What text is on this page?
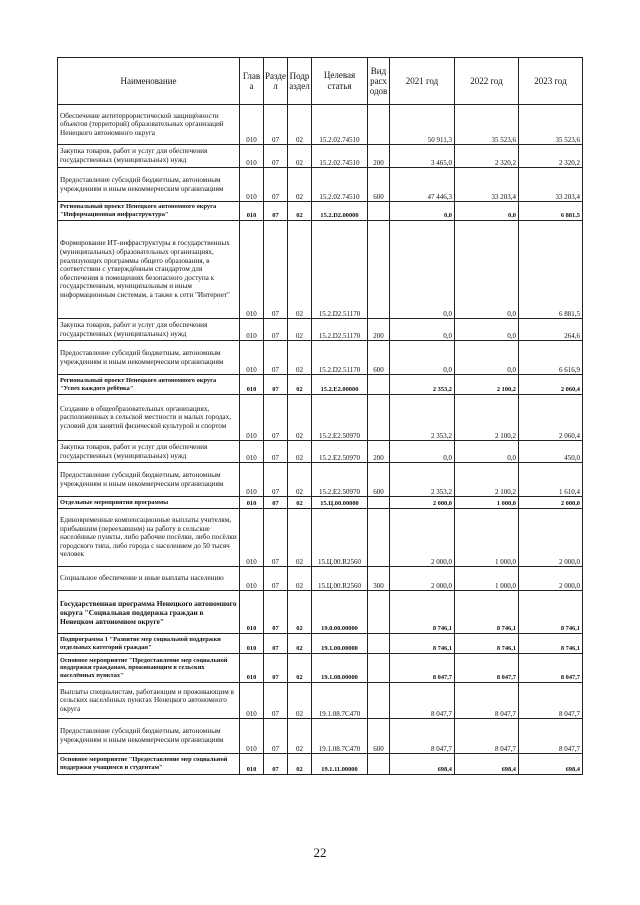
Наименование	Глав а	Разде л	Подр аздел	Целевая статья	Вид расх одов	2021 год	2022 год	2023 год
Обеспечение антитеррористической защищённости объектов (территорий) образовательных организаций Ненецкого автономного округа	010	07	02	15.2.02.74510		50 911,3	35 523,6	35 523,6
Закупка товаров, работ и услуг для обеспечения государственных (муниципальных) нужд	010	07	02	15.2.02.74510	200	3 465,0	2 320,2	2 320,2
Предоставление субсидий бюджетным, автономным учреждениям и иным некоммерческим организациям	010	07	02	15.2.02.74510	600	47 446,3	33 203,4	33 203,4
Региональный проект Ненецкого автономного округа "Информационная инфраструктура"	010	07	02	15.2.D2.00000		0,0	0,0	6 881,5
Формирование ИТ-инфраструктуры в государственных (муниципальных) образовательных организациях, реализующих программы общего образования, в соответствии с утверждённым стандартом для обеспечения в помещениях безопасного доступа к государственным, муниципальным и иным информационным системам, а также к сети "Интернет"	010	07	02	15.2.D2.51170		0,0	0,0	6 881,5
Закупка товаров, работ и услуг для обеспечения государственных (муниципальных) нужд	010	07	02	15.2.D2.51170	200	0,0	0,0	264,6
Предоставление субсидий бюджетным, автономным учреждениям и иным некоммерческим организациям	010	07	02	15.2.D2.51170	600	0,0	0,0	6 616,9
Региональный проект Ненецкого автономного округа "Успех каждого ребёнка"	010	07	02	15.2.E2.00000		2 353,2	2 100,2	2 060,4
Создание в общеобразовательных организациях, расположенных в сельской местности и малых городах, условий для занятий физической культурой и спортом	010	07	02	15.2.E2.50970		2 353,2	2 100,2	2 060,4
Закупка товаров, работ и услуг для обеспечения государственных (муниципальных) нужд	010	07	02	15.2.E2.50970	200	0,0	0,0	450,0
Предоставление субсидий бюджетным, автономным учреждениям и иным некоммерческим организациям	010	07	02	15.2.E2.50970	600	2 353,2	2 100,2	1 610,4
Отдельные мероприятия программы	010	07	02	15.Ц.00.00000		2 000,0	1 000,0	2 000,0
Единовременные компенсационные выплаты учителям, прибывшим (переехавшим) на работу в сельские населённые пункты, либо рабочие посёлки, либо посёлки городского типа, либо города с населением до 50 тысяч человек	010	07	02	15.Ц.00.R2560		2 000,0	1 000,0	2 000,0
Социальное обеспечение и иные выплаты населению	010	07	02	15.Ц.00.R2560	300	2 000,0	1 000,0	2 000,0
Государственная программа Ненецкого автономного округа "Социальная поддержка граждан в Ненецком автономном округе"	010	07	02	19.0.00.00000		8 746,1	8 746,1	8 746,1
Подпрограмма 1 "Развитие мер социальной поддержки отдельных категорий граждан"	010	07	02	19.1.00.00000		8 746,1	8 746,1	8 746,1
Основное мероприятие "Предоставление мер социальной поддержки гражданам, проживающим в сельских населённых пунктах"	010	07	02	19.1.08.00000		8 047,7	8 047,7	8 047,7
Выплаты специалистам, работающим и проживающим в сельских населённых пунктах Ненецкого автономного округа	010	07	02	19.1.08.7С470		8 047,7	8 047,7	8 047,7
Предоставление субсидий бюджетным, автономным учреждениям и иным некоммерческим организациям	010	07	02	19.1.08.7С470	600	8 047,7	8 047,7	8 047,7
Основное мероприятие "Предоставление мер социальной поддержки учащимся и студентам"	010	07	02	19.1.11.00000		698,4	698,4	698,4
22
